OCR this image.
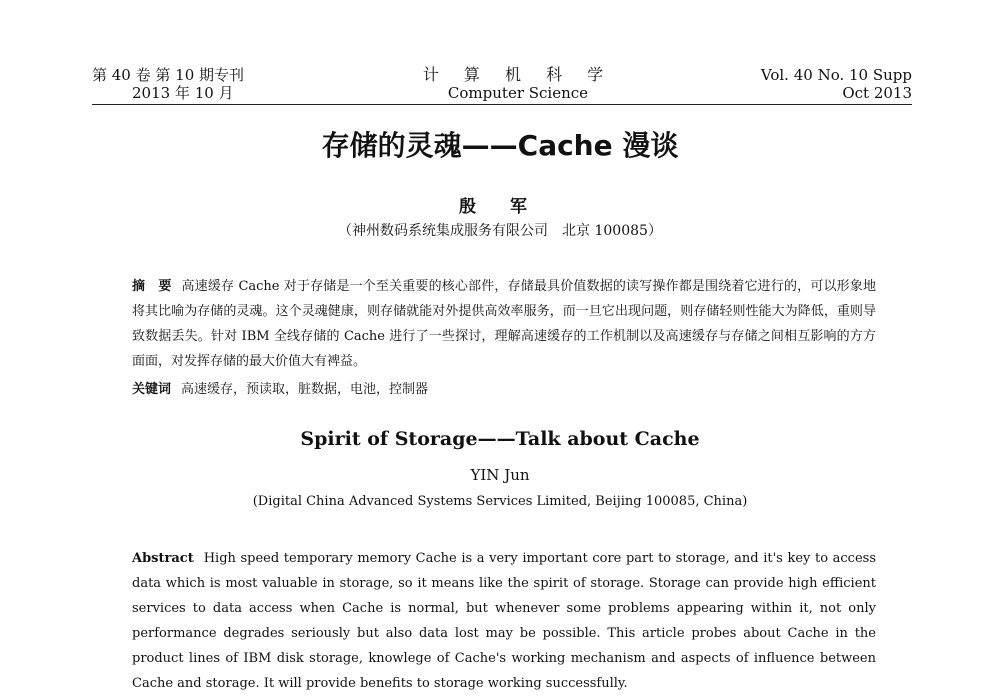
第 40 卷 第 10 期专刊
2013 年 10 月
计 算 机 科 学
Computer Science
Vol. 40 No. 10 Supp
Oct 2013
存储的灵魂——Cache 漫谈
殷 军
（神州数码系统集成服务有限公司　北京 100085）
摘　要 高速缓存 Cache 对于存储是一个至关重要的核心部件，存储最具价值数据的读写操作都是围绕着它进行的，可以形象地将其比喻为存储的灵魂。这个灵魂健康，则存储就能对外提供高效率服务，而一旦它出现问题，则存储轻则性能大为降低，重则导致数据丢失。针对 IBM 全线存储的 Cache 进行了一些探讨，理解高速缓存的工作机制以及高速缓存与存储之间相互影响的方方面面，对发挥存储的最大价值大有裨益。
关键词 高速缓存，预读取，脏数据，电池，控制器
Spirit of Storage——Talk about Cache
YIN Jun
(Digital China Advanced Systems Services Limited, Beijing 100085, China)
Abstract High speed temporary memory Cache is a very important core part to storage, and it's key to access data which is most valuable in storage, so it means like the spirit of storage. Storage can provide high efficient services to data access when Cache is normal, but whenever some problems appearing within it, not only performance degrades seriously but also data lost may be possible. This article probes about Cache in the product lines of IBM disk storage, knowlege of Cache's working mechanism and aspects of influence between Cache and storage. It will provide benefits to storage working successfully.
